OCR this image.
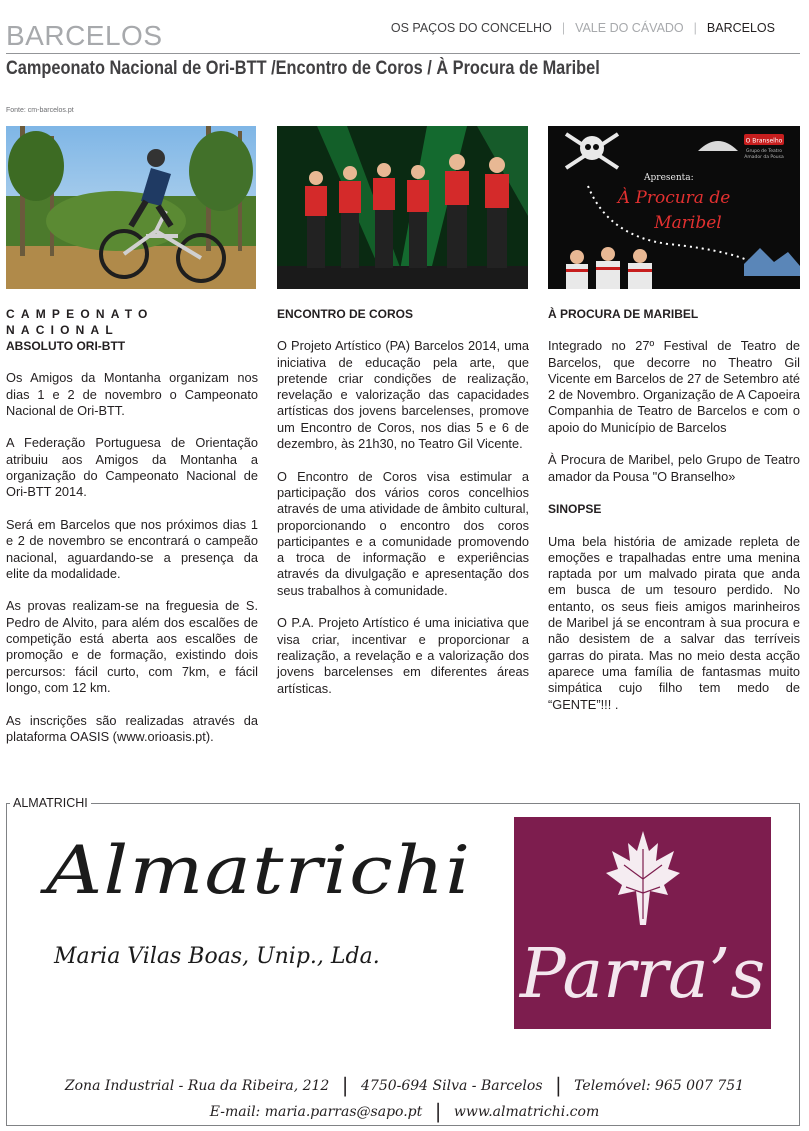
BARCELOS	OS PAÇOS DO CONCELHO | VALE DO CÁVADO | BARCELOS
Campeonato Nacional de Ori-BTT /Encontro de Coros / À Procura de Maribel
Fonte: cm-barcelos.pt
O Branselho
Grupo de Teatro
Amador da Pousa
Apresenta:
À Procura de
Maribel
CAMPEONATO NACIONAL
ABSOLUTO ORI-BTT

Os Amigos da Montanha organizam nos dias 1 e 2 de novembro o Campeonato Nacional de Ori-BTT.

A Federação Portuguesa de Orientação atribuiu aos Amigos da Montanha a organização do Campeonato Nacional de Ori-BTT 2014.

Será em Barcelos que nos próximos dias 1 e 2 de novembro se encontrará o campeão nacional, aguardando-se a presença da elite da modalidade.

As provas realizam-se na freguesia de S. Pedro de Alvito, para além dos escalões de competição está aberta aos escalões de promoção e de formação, existindo dois percursos: fácil curto, com 7km, e fácil longo, com 12 km.

As inscrições são realizadas através da plataforma OASIS (www.orioasis.pt).

ENCONTRO DE COROS

O Projeto Artístico (PA) Barcelos 2014, uma iniciativa de educação pela arte, que pretende criar condições de realização, revelação e valorização das capacidades artísticas dos jovens barcelenses, promove um Encontro de Coros, nos dias 5 e 6 de dezembro, às 21h30, no Teatro Gil Vicente.

O Encontro de Coros visa estimular a participação dos vários coros concelhios através de uma atividade de âmbito cultural, proporcionando o encontro dos coros participantes e a comunidade promovendo a troca de informação e experiências através da divulgação e apresentação dos seus trabalhos à comunidade.

O P.A. Projeto Artístico é uma iniciativa que visa criar, incentivar e proporcionar a realização, a revelação e a valorização dos jovens barcelenses em diferentes áreas artísticas.

À PROCURA DE MARIBEL

Integrado no 27º Festival de Teatro de Barcelos, que decorre no Theatro Gil Vicente em Barcelos de 27 de Setembro até 2 de Novembro. Organização de A Capoeira Companhia de Teatro de Barcelos e com o apoio do Município de Barcelos

À Procura de Maribel, pelo Grupo de Teatro amador da Pousa "O Branselho»

SINOPSE

Uma bela história de amizade repleta de emoções e trapalhadas entre uma menina raptada por um malvado pirata que anda em busca de um tesouro perdido. No entanto, os seus fieis amigos marinheiros de Maribel já se encontram à sua procura e não desistem de a salvar das terríveis garras do pirata. Mas no meio desta acção aparece uma família de fantasmas muito simpática cujo filho tem medo de “GENTE”!!! .

ALMATRICHI
Almatrichi
Maria Vilas Boas, Unip., Lda. Parra’s
Zona Industrial - Rua da Ribeira, 212 | 4750-694 Silva - Barcelos | Telemóvel: 965 007 751
E-mail: maria.parras@sapo.pt | www.almatrichi.com
